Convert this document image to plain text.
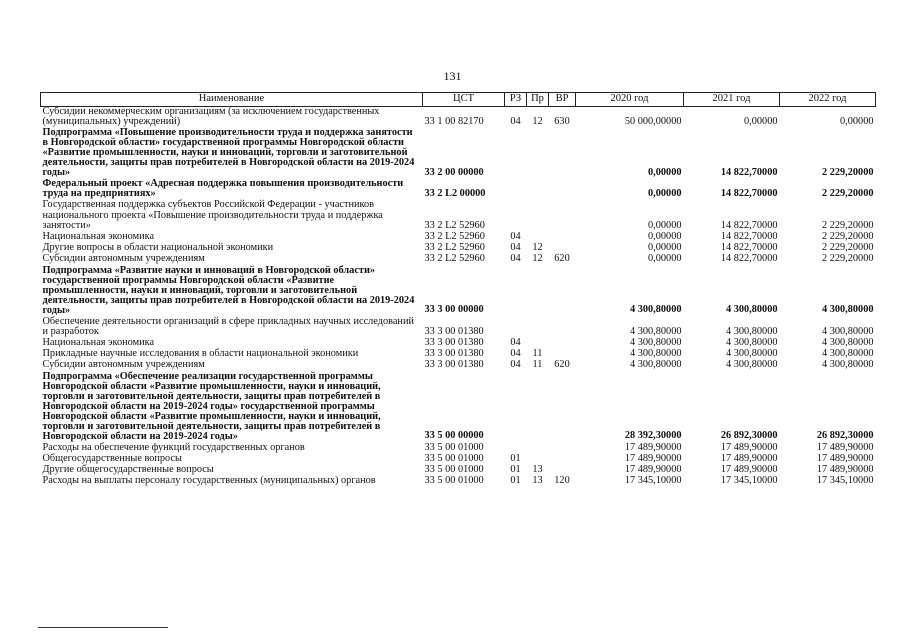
131
Наименование	ЦСТ	РЗ	Пр	ВР	2020 год	2021 год	2022 год
Субсидии некоммерческим организациям (за исключением государственных (муниципальных) учреждений)	33 1 00 82170	04	12	630	50 000,00000	0,00000	0,00000
Подпрограмма «Повышение производительности труда и поддержка занятости в Новгородской области» государственной программы Новгородской области «Развитие промышленности, науки и инноваций, торговли и заготовительной деятельности, защиты прав потребителей в Новгородской области на 2019-2024 годы»	33 2 00 00000				0,00000	14 822,70000	2 229,20000
Федеральный проект «Адресная поддержка повышения производительности труда на предприятиях»	33 2 L2 00000				0,00000	14 822,70000	2 229,20000
Государственная поддержка субъектов Российской Федерации - участников национального проекта «Повышение производительности труда и поддержка занятости»	33 2 L2 52960				0,00000	14 822,70000	2 229,20000
Национальная экономика	33 2 L2 52960	04			0,00000	14 822,70000	2 229,20000
Другие вопросы в области национальной экономики	33 2 L2 52960	04	12		0,00000	14 822,70000	2 229,20000
Субсидии автономным учреждениям	33 2 L2 52960	04	12	620	0,00000	14 822,70000	2 229,20000
Подпрограмма «Развитие науки и инноваций в Новгородской области» государственной программы Новгородской области «Развитие промышленности, науки и инноваций, торговли и заготовительной деятельности, защиты прав потребителей в Новгородской области на 2019-2024 годы»	33 3 00 00000				4 300,80000	4 300,80000	4 300,80000
Обеспечение деятельности организаций в сфере прикладных научных исследований и разработок	33 3 00 01380				4 300,80000	4 300,80000	4 300,80000
Национальная экономика	33 3 00 01380	04			4 300,80000	4 300,80000	4 300,80000
Прикладные научные исследования в области национальной экономики	33 3 00 01380	04	11		4 300,80000	4 300,80000	4 300,80000
Субсидии автономным учреждениям	33 3 00 01380	04	11	620	4 300,80000	4 300,80000	4 300,80000
Подпрограмма «Обеспечение реализации государственной программы Новгородской области «Развитие промышленности, науки и инноваций, торговли и заготовительной деятельности, защиты прав потребителей в Новгородской области на 2019-2024 годы» государственной программы Новгородской области «Развитие промышленности, науки и инноваций, торговли и заготовительной деятельности, защиты прав потребителей в Новгородской области на 2019-2024 годы»	33 5 00 00000				28 392,30000	26 892,30000	26 892,30000
Расходы на обеспечение функций государственных органов	33 5 00 01000				17 489,90000	17 489,90000	17 489,90000
Общегосударственные вопросы	33 5 00 01000	01			17 489,90000	17 489,90000	17 489,90000
Другие общегосударственные вопросы	33 5 00 01000	01	13		17 489,90000	17 489,90000	17 489,90000
Расходы на выплаты персоналу государственных (муниципальных) органов	33 5 00 01000	01	13	120	17 345,10000	17 345,10000	17 345,10000
